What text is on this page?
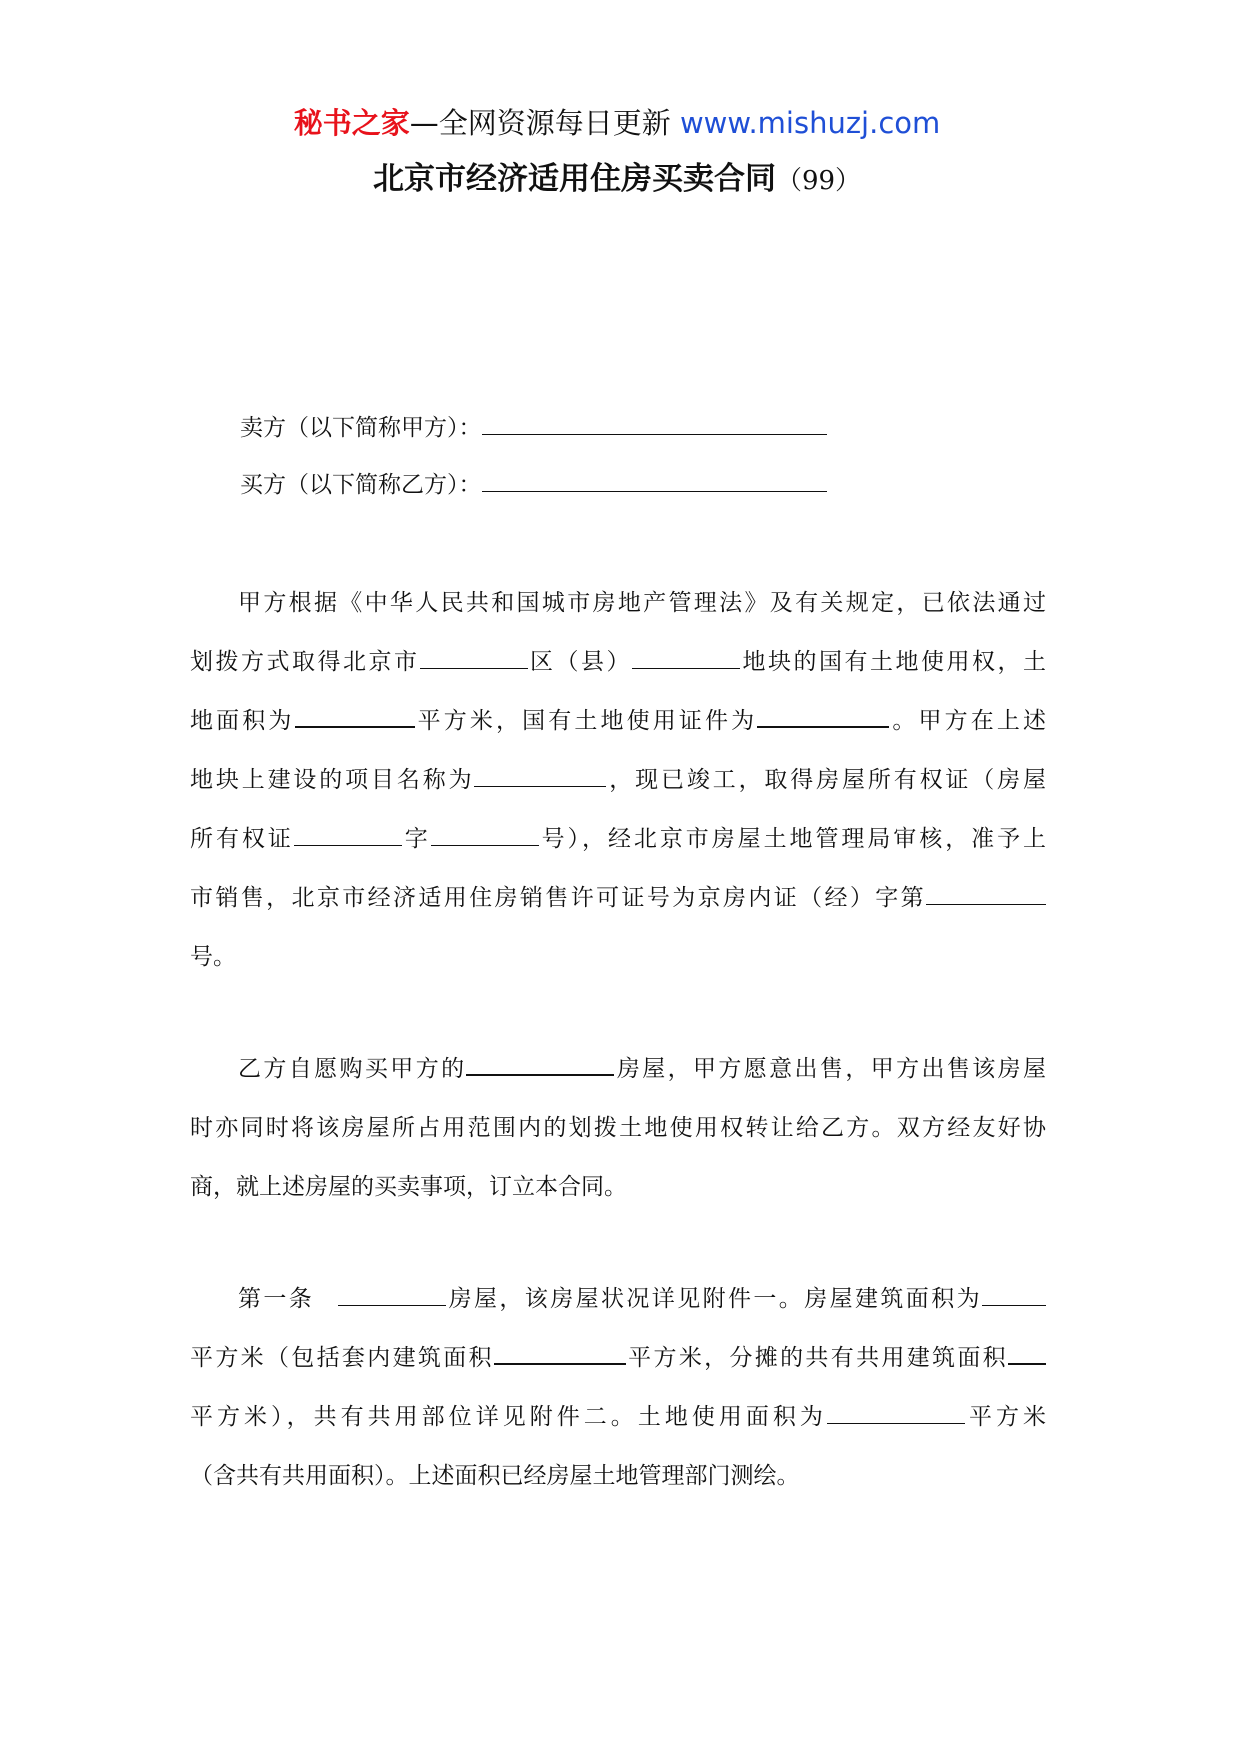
秘书之家—全网资源每日更新 www.mishuzj.com
北京市经济适用住房买卖合同（99）
卖方（以下简称甲方）：
买方（以下简称乙方）：
甲方根据《中华人民共和国城市房地产管理法》及有关规定，已依法通过
划拨方式取得北京市	区（县）	地块的国有土地使用权，土
地面积为	平方米，国有土地使用证件为	。甲方在上述
地块上建设的项目名称为	，现已竣工，取得房屋所有权证（房屋
所有权证	字	号），经北京市房屋土地管理局审核，准予上
市销售，北京市经济适用住房销售许可证号为京房内证（经）字第
号。
乙方自愿购买甲方的	房屋，甲方愿意出售，甲方出售该房屋
时亦同时将该房屋所占用范围内的划拨土地使用权转让给乙方。双方经友好协
商，就上述房屋的买卖事项，订立本合同。
第一条	房屋，该房屋状况详见附件一。房屋建筑面积为
平方米（包括套内建筑面积	平方米，分摊的共有共用建筑面积
平方米），共有共用部位详见附件二。土地使用面积为	平方米
（含共有共用面积）。上述面积已经房屋土地管理部门测绘。
